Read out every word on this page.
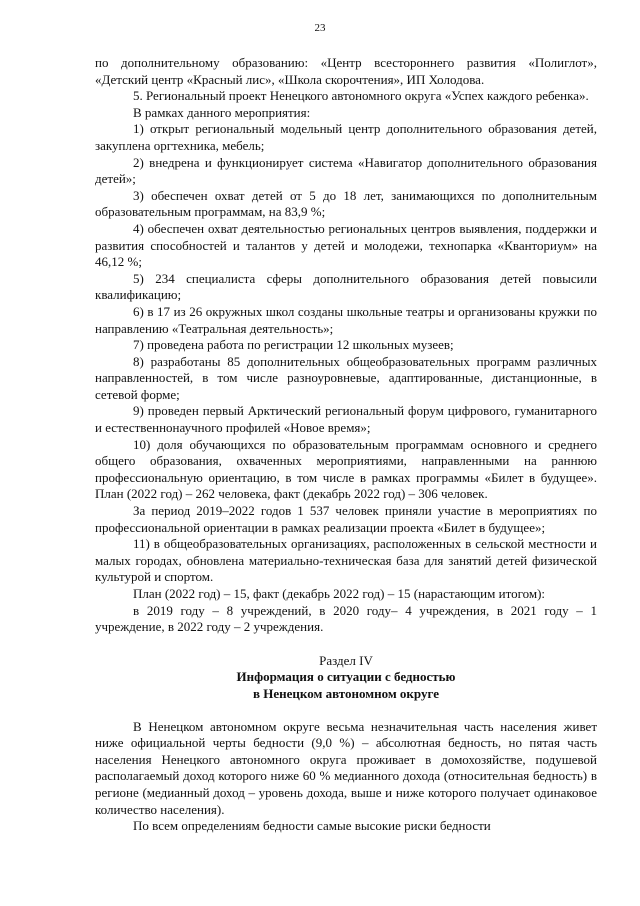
23

по дополнительному образованию: «Центр всестороннего развития «Полиглот», «Детский центр «Красный лис», «Школа скорочтения», ИП Холодова.

5. Региональный проект Ненецкого автономного округа «Успех каждого ребенка».

В рамках данного мероприятия:

1) открыт региональный модельный центр дополнительного образования детей, закуплена оргтехника, мебель;

2) внедрена и функционирует система «Навигатор дополнительного образования детей»;

3) обеспечен охват детей от 5 до 18 лет, занимающихся по дополнительным образовательным программам, на 83,9 %;

4) обеспечен охват деятельностью региональных центров выявления, поддержки и развития способностей и талантов у детей и молодежи, технопарка «Кванториум» на 46,12 %;

5) 234 специалиста сферы дополнительного образования детей повысили квалификацию;

6) в 17 из 26 окружных школ созданы школьные театры и организованы кружки по направлению «Театральная деятельность»;

7) проведена работа по регистрации 12 школьных музеев;

8) разработаны 85 дополнительных общеобразовательных программ различных направленностей, в том числе разноуровневые, адаптированные, дистанционные, в сетевой форме;

9) проведен первый Арктический региональный форум цифрового, гуманитарного и естественнонаучного профилей «Новое время»;

10) доля обучающихся по образовательным программам основного и среднего общего образования, охваченных мероприятиями, направленными на раннюю профессиональную ориентацию, в том числе в рамках программы «Билет в будущее». План (2022 год) – 262 человека, факт (декабрь 2022 год) – 306 человек.

За период 2019–2022 годов 1 537 человек приняли участие в мероприятиях по профессиональной ориентации в рамках реализации проекта «Билет в будущее»;

11) в общеобразовательных организациях, расположенных в сельской местности и малых городах, обновлена материально-техническая база для занятий детей физической культурой и спортом.

План (2022 год) – 15, факт (декабрь 2022 год) – 15 (нарастающим итогом):

в 2019 году – 8 учреждений, в 2020 году– 4 учреждения, в 2021 году – 1 учреждение, в 2022 году – 2 учреждения.

Раздел IV

Информация о ситуации с бедностью

в Ненецком автономном округе

В Ненецком автономном округе весьма незначительная часть населения живет ниже официальной черты бедности (9,0 %) – абсолютная бедность, но пятая часть населения Ненецкого автономного округа проживает в домохозяйстве, подушевой располагаемый доход которого ниже 60 % медианного дохода (относительная бедность) в регионе (медианный доход – уровень дохода, выше и ниже которого получает одинаковое количество населения).

По всем определениям бедности самые высокие риски бедности
